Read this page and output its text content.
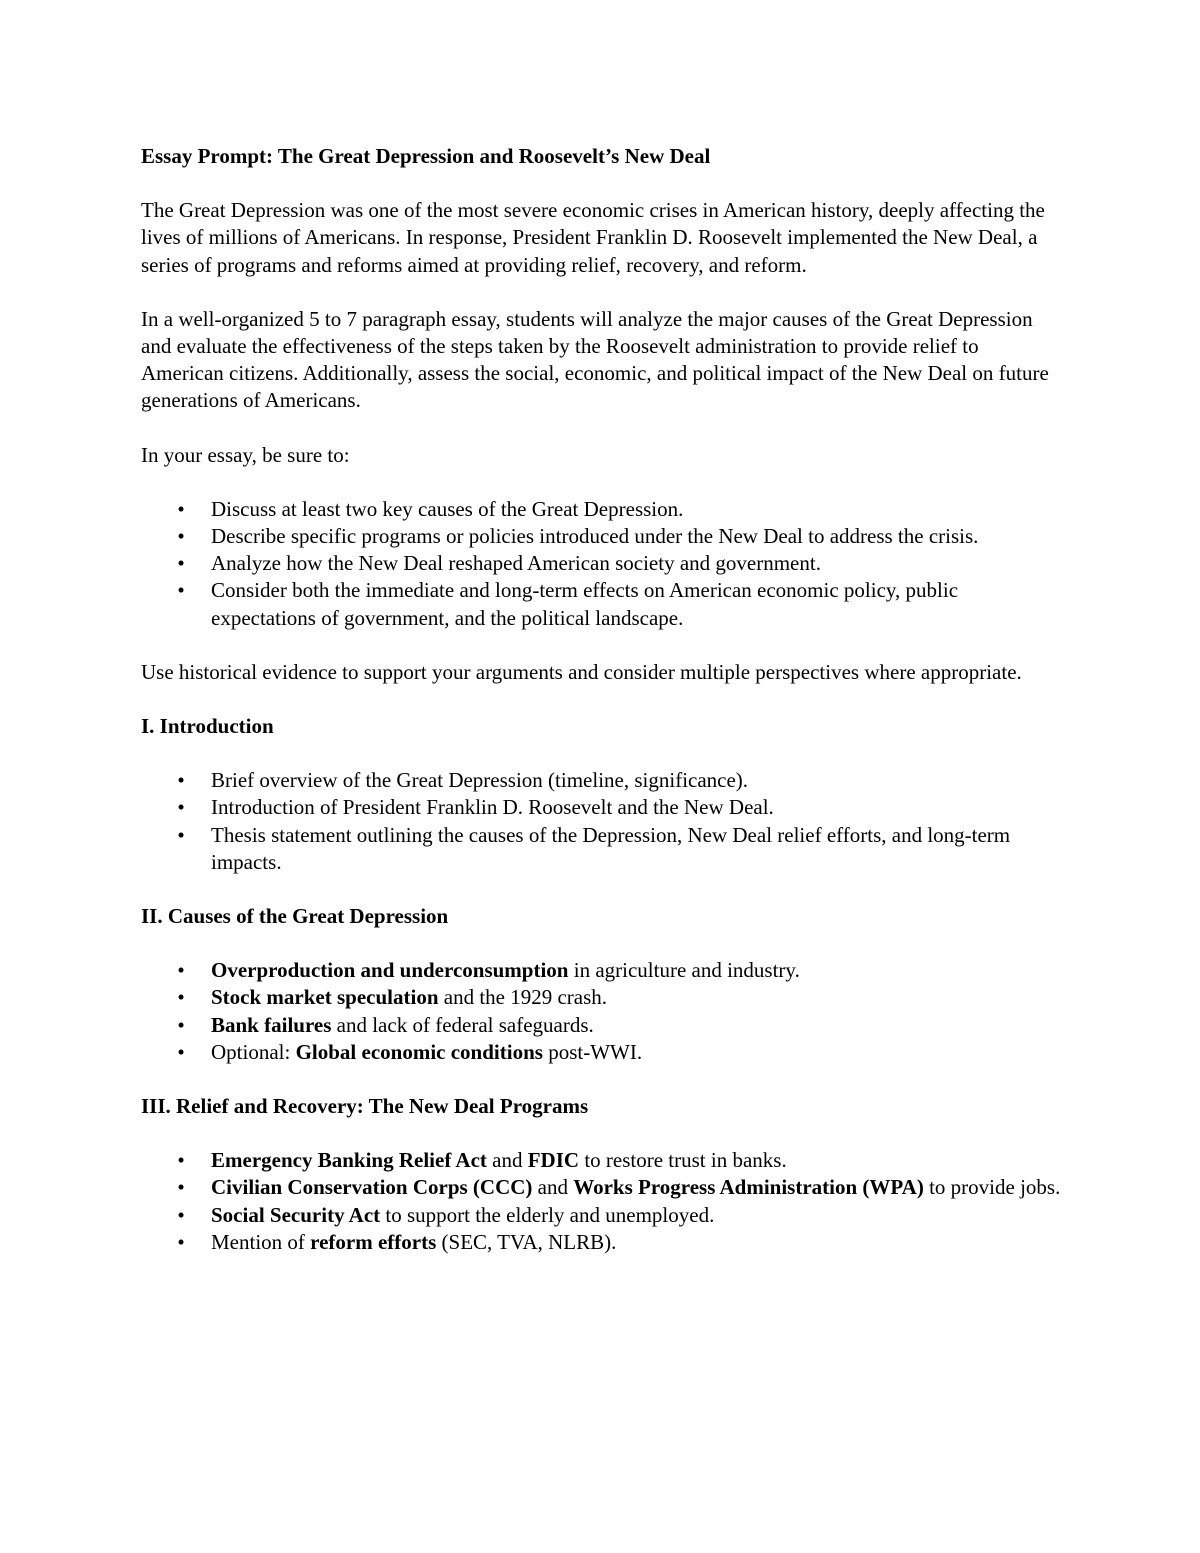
Essay Prompt: The Great Depression and Roosevelt’s New Deal
The Great Depression was one of the most severe economic crises in American history, deeply affecting the lives of millions of Americans. In response, President Franklin D. Roosevelt implemented the New Deal, a series of programs and reforms aimed at providing relief, recovery, and reform.
In a well-organized 5 to 7 paragraph essay, students will analyze the major causes of the Great Depression and evaluate the effectiveness of the steps taken by the Roosevelt administration to provide relief to American citizens. Additionally, assess the social, economic, and political impact of the New Deal on future generations of Americans.
In your essay, be sure to:
• Discuss at least two key causes of the Great Depression.
• Describe specific programs or policies introduced under the New Deal to address the crisis.
• Analyze how the New Deal reshaped American society and government.
• Consider both the immediate and long-term effects on American economic policy, public expectations of government, and the political landscape.
Use historical evidence to support your arguments and consider multiple perspectives where appropriate.
I. Introduction
• Brief overview of the Great Depression (timeline, significance).
• Introduction of President Franklin D. Roosevelt and the New Deal.
• Thesis statement outlining the causes of the Depression, New Deal relief efforts, and long-term impacts.
II. Causes of the Great Depression
• Overproduction and underconsumption in agriculture and industry.
• Stock market speculation and the 1929 crash.
• Bank failures and lack of federal safeguards.
• Optional: Global economic conditions post-WWI.
III. Relief and Recovery: The New Deal Programs
• Emergency Banking Relief Act and FDIC to restore trust in banks.
• Civilian Conservation Corps (CCC) and Works Progress Administration (WPA) to provide jobs.
• Social Security Act to support the elderly and unemployed.
• Mention of reform efforts (SEC, TVA, NLRB).
